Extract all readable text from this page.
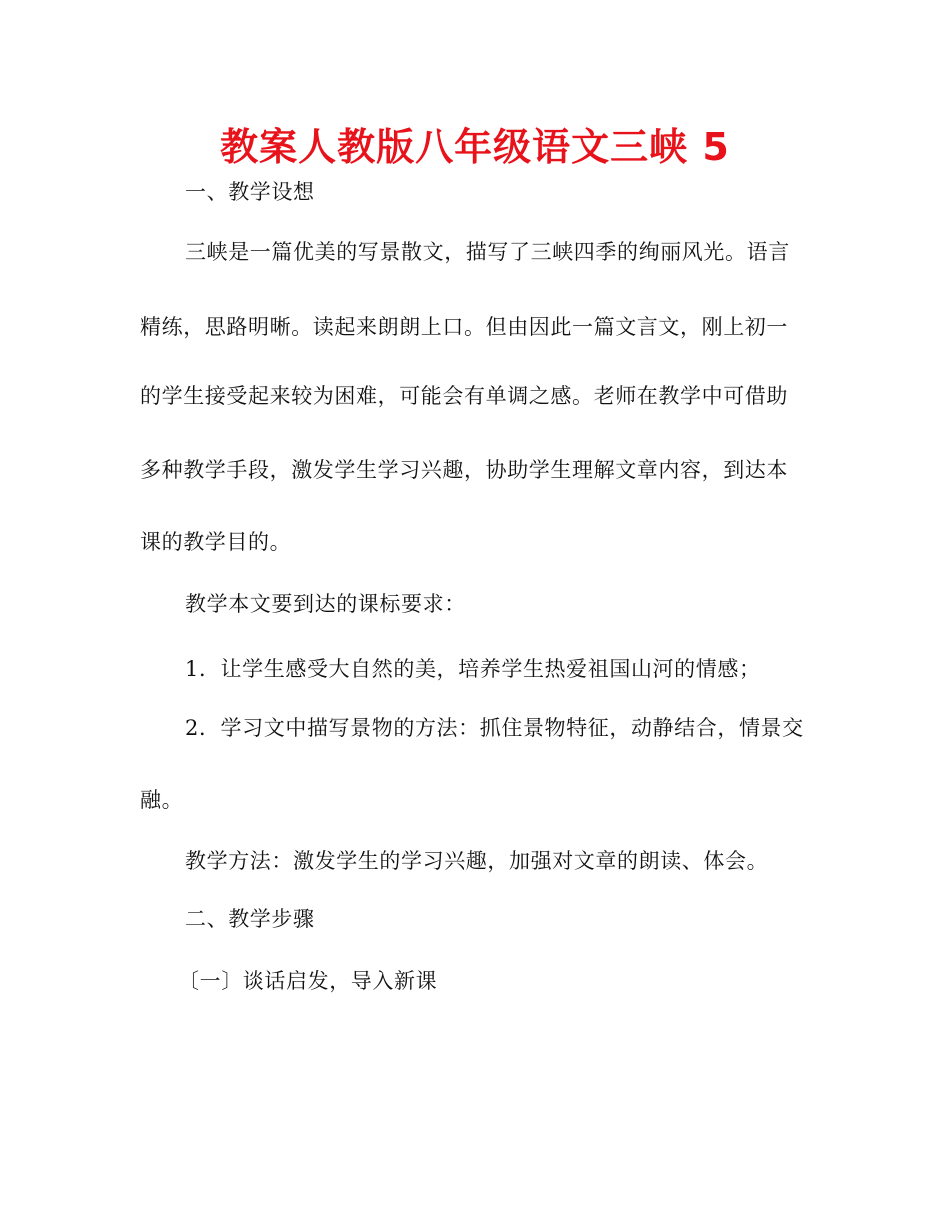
教案人教版八年级语文三峡 5
一、教学设想
三峡是一篇优美的写景散文，描写了三峡四季的绚丽风光。语言
精练，思路明晰。读起来朗朗上口。但由因此一篇文言文，刚上初一
的学生接受起来较为困难，可能会有单调之感。老师在教学中可借助
多种教学手段，激发学生学习兴趣，协助学生理解文章内容，到达本
课的教学目的。
教学本文要到达的课标要求：
1．让学生感受大自然的美，培养学生热爱祖国山河的情感；
2．学习文中描写景物的方法：抓住景物特征，动静结合，情景交
融。
教学方法：激发学生的学习兴趣，加强对文章的朗读、体会。
二、教学步骤
〔一〕谈话启发，导入新课
